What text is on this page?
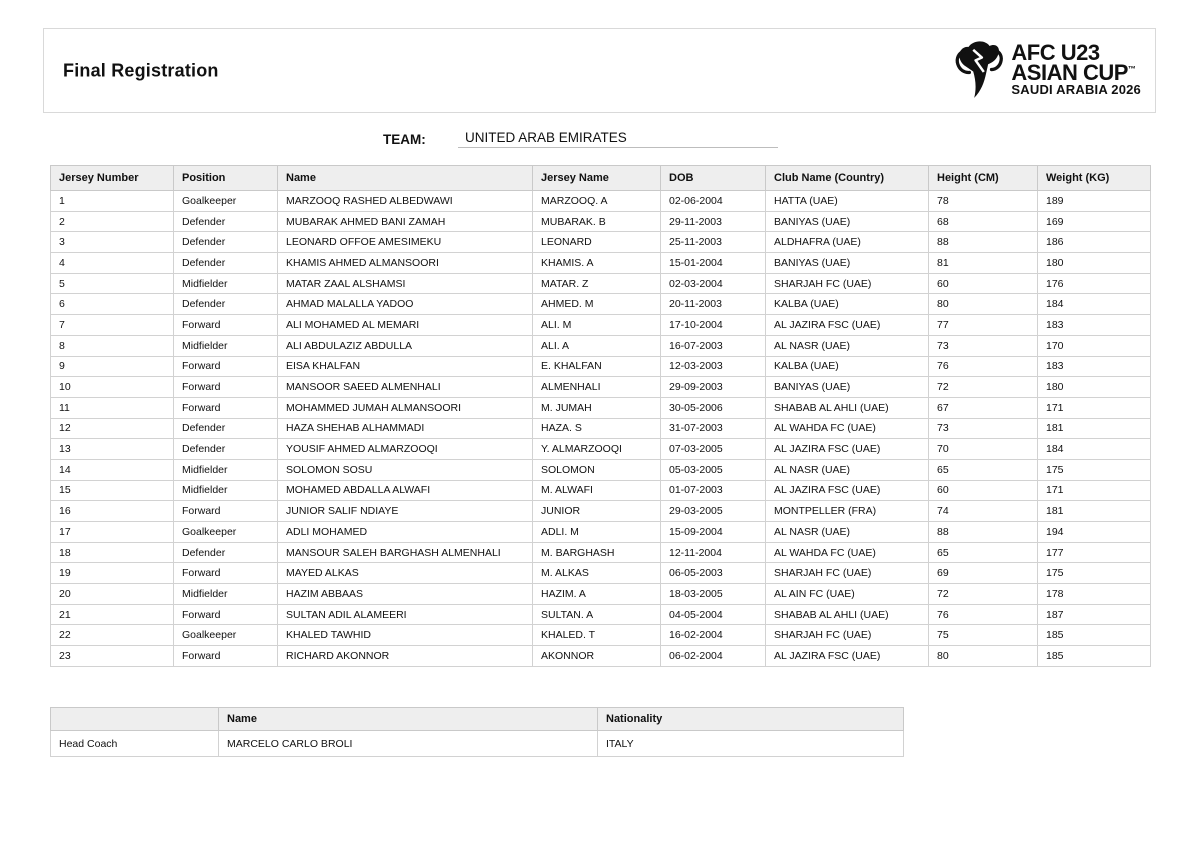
Final Registration
AFC U23
ASIAN CUP™
SAUDI ARABIA 2026
TEAM:	UNITED ARAB EMIRATES
Jersey Number	Position	Name	Jersey Name	DOB	Club Name (Country)	Height (CM)	Weight (KG)
1	Goalkeeper	MARZOOQ RASHED ALBEDWAWI	MARZOOQ. A	02-06-2004	HATTA (UAE)	78	189
2	Defender	MUBARAK AHMED BANI ZAMAH	MUBARAK. B	29-11-2003	BANIYAS (UAE)	68	169
3	Defender	LEONARD OFFOE AMESIMEKU	LEONARD	25-11-2003	ALDHAFRA (UAE)	88	186
4	Defender	KHAMIS AHMED ALMANSOORI	KHAMIS. A	15-01-2004	BANIYAS (UAE)	81	180
5	Midfielder	MATAR ZAAL ALSHAMSI	MATAR. Z	02-03-2004	SHARJAH FC (UAE)	60	176
6	Defender	AHMAD MALALLA YADOO	AHMED. M	20-11-2003	KALBA (UAE)	80	184
7	Forward	ALI MOHAMED AL MEMARI	ALI. M	17-10-2004	AL JAZIRA FSC (UAE)	77	183
8	Midfielder	ALI ABDULAZIZ ABDULLA	ALI. A	16-07-2003	AL NASR (UAE)	73	170
9	Forward	EISA KHALFAN	E. KHALFAN	12-03-2003	KALBA (UAE)	76	183
10	Forward	MANSOOR SAEED ALMENHALI	ALMENHALI	29-09-2003	BANIYAS (UAE)	72	180
11	Forward	MOHAMMED JUMAH ALMANSOORI	M. JUMAH	30-05-2006	SHABAB AL AHLI (UAE)	67	171
12	Defender	HAZA SHEHAB ALHAMMADI	HAZA. S	31-07-2003	AL WAHDA FC (UAE)	73	181
13	Defender	YOUSIF AHMED ALMARZOOQI	Y. ALMARZOOQI	07-03-2005	AL JAZIRA FSC (UAE)	70	184
14	Midfielder	SOLOMON SOSU	SOLOMON	05-03-2005	AL NASR (UAE)	65	175
15	Midfielder	MOHAMED ABDALLA ALWAFI	M. ALWAFI	01-07-2003	AL JAZIRA FSC (UAE)	60	171
16	Forward	JUNIOR SALIF NDIAYE	JUNIOR	29-03-2005	MONTPELLER (FRA)	74	181
17	Goalkeeper	ADLI MOHAMED	ADLI. M	15-09-2004	AL NASR (UAE)	88	194
18	Defender	MANSOUR SALEH BARGHASH ALMENHALI	M. BARGHASH	12-11-2004	AL WAHDA FC (UAE)	65	177
19	Forward	MAYED ALKAS	M. ALKAS	06-05-2003	SHARJAH FC (UAE)	69	175
20	Midfielder	HAZIM ABBAAS	HAZIM. A	18-03-2005	AL AIN FC (UAE)	72	178
21	Forward	SULTAN ADIL ALAMEERI	SULTAN. A	04-05-2004	SHABAB AL AHLI (UAE)	76	187
22	Goalkeeper	KHALED TAWHID	KHALED. T	16-02-2004	SHARJAH FC (UAE)	75	185
23	Forward	RICHARD AKONNOR	AKONNOR	06-02-2004	AL JAZIRA FSC (UAE)	80	185
	Name	Nationality
Head Coach	MARCELO CARLO BROLI	ITALY
